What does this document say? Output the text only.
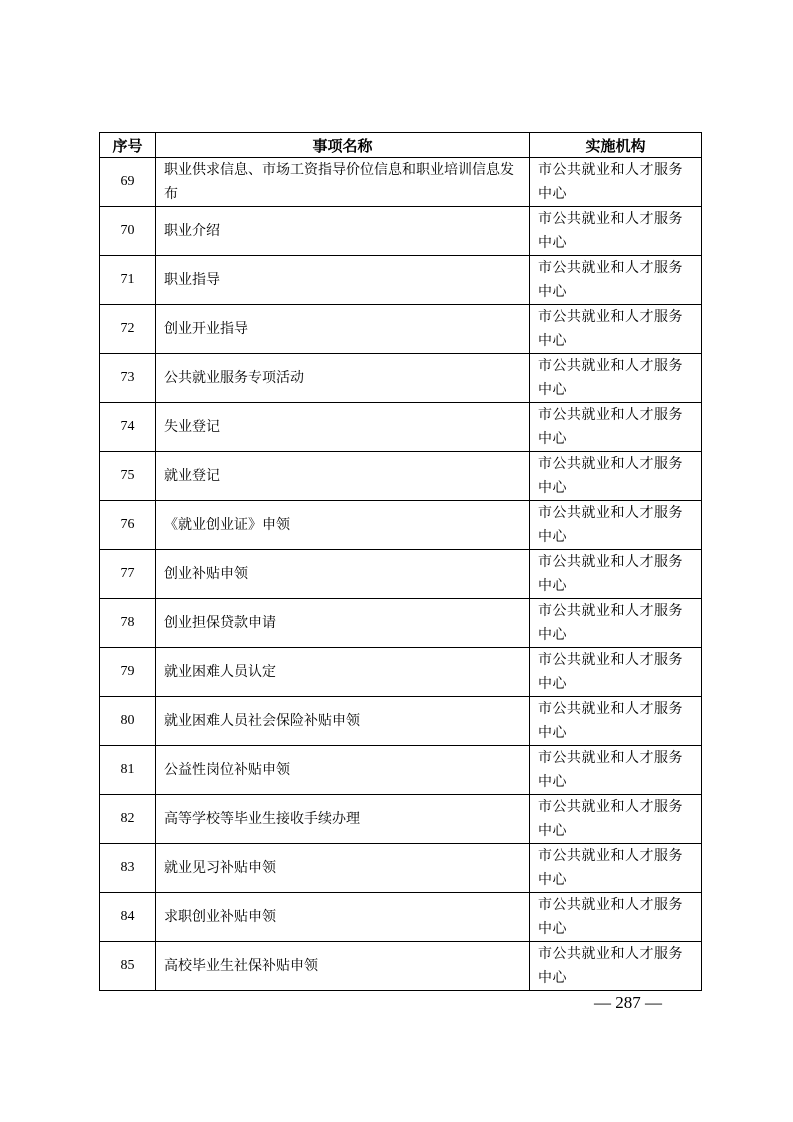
序号	事项名称	实施机构
69	职业供求信息、市场工资指导价位信息和职业培训信息发布	市公共就业和人才服务中心
70	职业介绍	市公共就业和人才服务中心
71	职业指导	市公共就业和人才服务中心
72	创业开业指导	市公共就业和人才服务中心
73	公共就业服务专项活动	市公共就业和人才服务中心
74	失业登记	市公共就业和人才服务中心
75	就业登记	市公共就业和人才服务中心
76	《就业创业证》申领	市公共就业和人才服务中心
77	创业补贴申领	市公共就业和人才服务中心
78	创业担保贷款申请	市公共就业和人才服务中心
79	就业困难人员认定	市公共就业和人才服务中心
80	就业困难人员社会保险补贴申领	市公共就业和人才服务中心
81	公益性岗位补贴申领	市公共就业和人才服务中心
82	高等学校等毕业生接收手续办理	市公共就业和人才服务中心
83	就业见习补贴申领	市公共就业和人才服务中心
84	求职创业补贴申领	市公共就业和人才服务中心
85	高校毕业生社保补贴申领	市公共就业和人才服务中心
— 287 —
